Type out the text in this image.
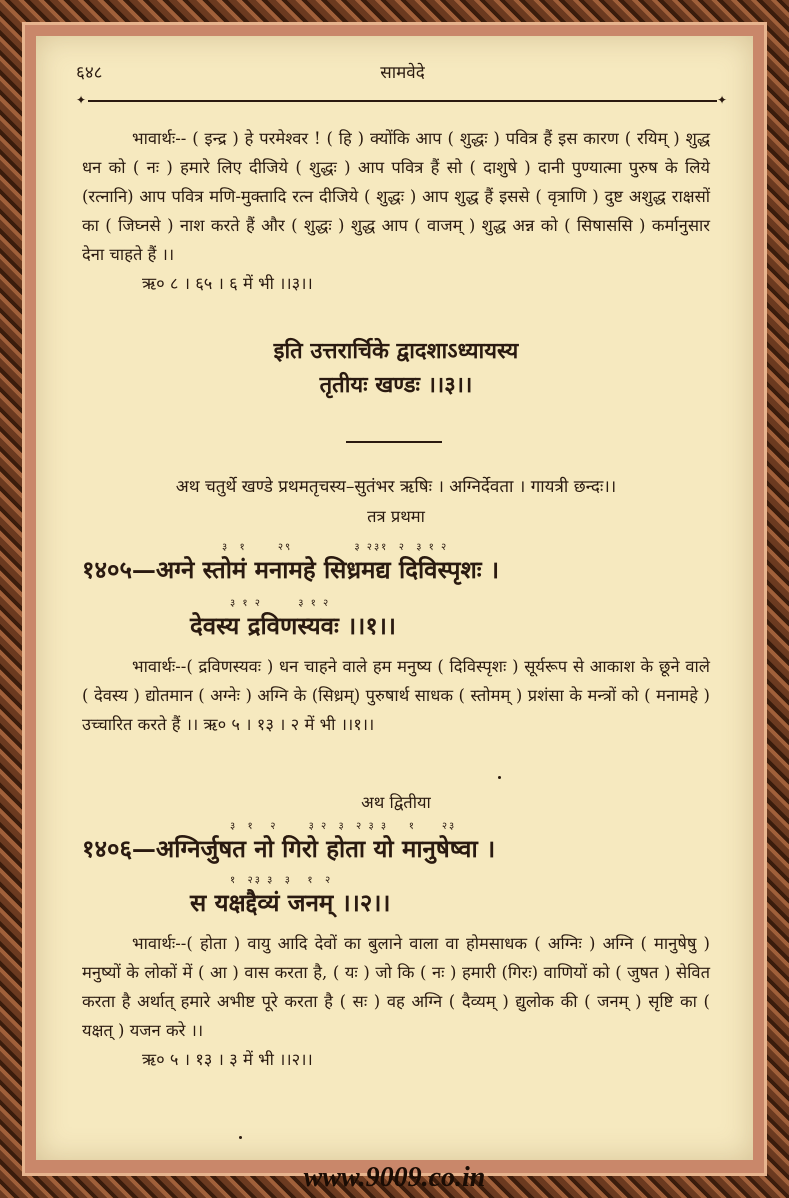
६४८	सामवेदे
✦	✦

भावार्थः-- ( इन्द्र ) हे परमेश्वर ! ( हि ) क्योंकि आप ( शुद्धः ) पवित्र हैं इस कारण ( रयिम् ) शुद्ध धन को ( नः ) हमारे लिए दीजिये ( शुद्धः ) आप पवित्र हैं सो ( दाशुषे ) दानी पुण्यात्मा पुरुष के लिये (रत्नानि) आप पवित्र मणि-मुक्तादि रत्न दीजिये ( शुद्धः ) आप शुद्ध हैं इससे ( वृत्राणि ) दुष्ट अशुद्ध राक्षसों का ( जिघ्नसे ) नाश करते हैं और ( शुद्धः ) शुद्ध आप ( वाजम् ) शुद्ध अन्न को ( सिषाससि ) कर्मानुसार देना चाहते हैं ।।

ऋ० ८ । ६५ । ६ में भी ।।३।।

इति उत्तरार्चिके द्वादशाऽध्यायस्य
तृतीयः खण्डः ।।३।।
अथ चतुर्थे खण्डे प्रथमतृचस्य–सुतंभर ऋषिः । अग्निर्देवता । गायत्री छन्दः।।
तत्र प्रथमा
३  १      २९            ३ २३१  २  ३ १ २
१४०५—अग्ने स्तोमं मनामहे सिध्रमद्य दिविस्पृशः ।
३ १ २       ३ १ २
देवस्य द्रविणस्यवः ।।१।।

भावार्थः--( द्रविणस्यवः ) धन चाहने वाले हम मनुष्य ( दिविस्पृशः ) सूर्यरूप से आकाश के छूने वाले ( देवस्य ) द्योतमान ( अग्नेः ) अग्नि के (सिध्रम्) पुरुषार्थ साधक ( स्तोमम् ) प्रशंसा के मन्त्रों को ( मनामहे ) उच्चारित करते हैं ।। ऋ० ५ । १३ । २ में भी ।।१।।

अथ द्वितीया
३  १   २      ३ २  ३  २ ३ ३    १     २३
१४०६—अग्निर्जुषत नो गिरो होता यो मानुषेष्वा ।
१  २३ ३  ३   १  २
स यक्षद्दैव्यं जनम् ।।२।।

भावार्थः--( होता ) वायु आदि देवों का बुलाने वाला वा होमसाधक ( अग्निः ) अग्नि ( मानुषेषु ) मनुष्यों के लोकों में ( आ ) वास करता है, ( यः ) जो कि ( नः ) हमारी (गिरः) वाणियों को ( जुषत ) सेवित करता है अर्थात् हमारे अभीष्ट पूरे करता है ( सः ) वह अग्नि ( दैव्यम् ) द्युलोक की ( जनम् ) सृष्टि का ( यक्षत् ) यजन करे ।।

ऋ० ५ । १३ । ३ में भी ।।२।।

www.9009.co.in
